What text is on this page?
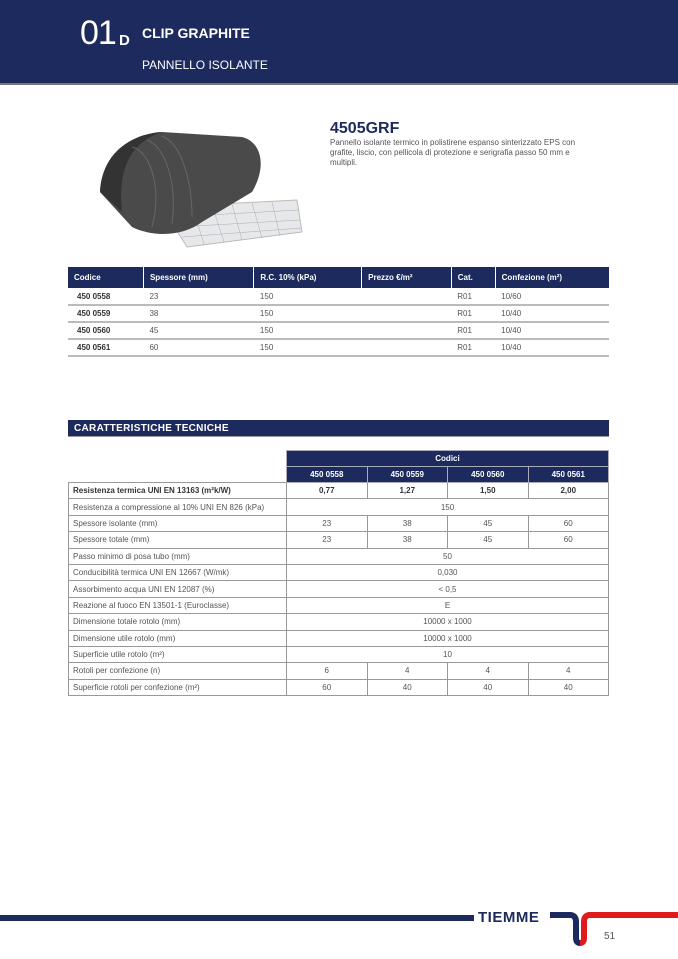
01 D CLIP GRAPHITE
PANNELLO ISOLANTE
4505GRF
Pannello isolante termico in polistirene espanso sinterizzato EPS con grafite, liscio, con pellicola di protezione e serigrafia passo 50 mm e multipli.
Codice	Spessore (mm)	R.C. 10% (kPa)	Prezzo €/m²	Cat.	Confezione (m²)
450 0558	23	150		R01	10/60
450 0559	38	150		R01	10/40
450 0560	45	150		R01	10/40
450 0561	60	150		R01	10/40
CARATTERISTICHE TECNICHE
	Codici			
	450 0558	450 0559	450 0560	450 0561
Resistenza termica UNI EN 13163 (m²k/W)	0,77	1,27	1,50	2,00
Resistenza a compressione al 10% UNI EN 826 (kPa)	150			
Spessore isolante (mm)	23	38	45	60
Spessore totale (mm)	23	38	45	60
Passo minimo di posa tubo (mm)	50			
Conducibilità termica UNI EN 12667 (W/mk)	0,030			
Assorbimento acqua UNI EN 12087 (%)	< 0,5			
Reazione al fuoco EN 13501-1 (Euroclasse)	E			
Dimensione totale rotolo (mm)	10000 x 1000			
Dimensione utile rotolo (mm)	10000 x 1000			
Superficie utile rotolo (m²)	10			
Rotoli per confezione (n)	6	4	4	4
Superficie rotoli per confezione (m²)	60	40	40	40
TIEMME
51
